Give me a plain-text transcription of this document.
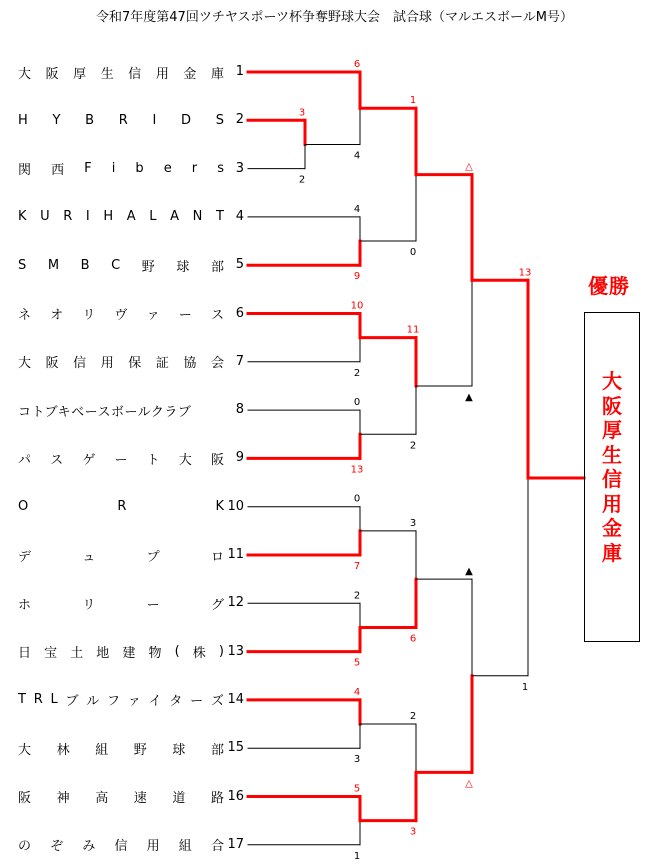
令和7年度第47回ツチヤスポーツ杯争奪野球大会　試合球（マルエスボールM号）
大 阪 厚 生 信 用 金 庫 1
H Y B R I D S 2
関 西 F i b e r s 3
K U R I H A L A N T 4
S M B C 野 球 部 5
ネ オ リ ヴ ァ ー ス 6
大 阪 信 用 保 証 協 会 7
コトブキベースボールクラブ	8
パ ス ゲ ー ト 大 阪 9
O	R	K 10
デ	ュ	プ	ロ 11
ホ	リ	ー	グ 12
日 宝 土 地 建 物 ( 株 ) 13
T R L ブ ル フ ァ イ タ ー ズ 14
大 林 組 野 球 部 15
阪 神 高 速 道 路 16
の ぞ み 信 用 組 合 17
3
2
6
4
4
9
10
2
0
13
0
7
2
5
4
3
5
1
1
0
11
2
3
6
2
3
△
▲
▲
△
13
1
優勝
大
阪
厚
生
信
用
金
庫
